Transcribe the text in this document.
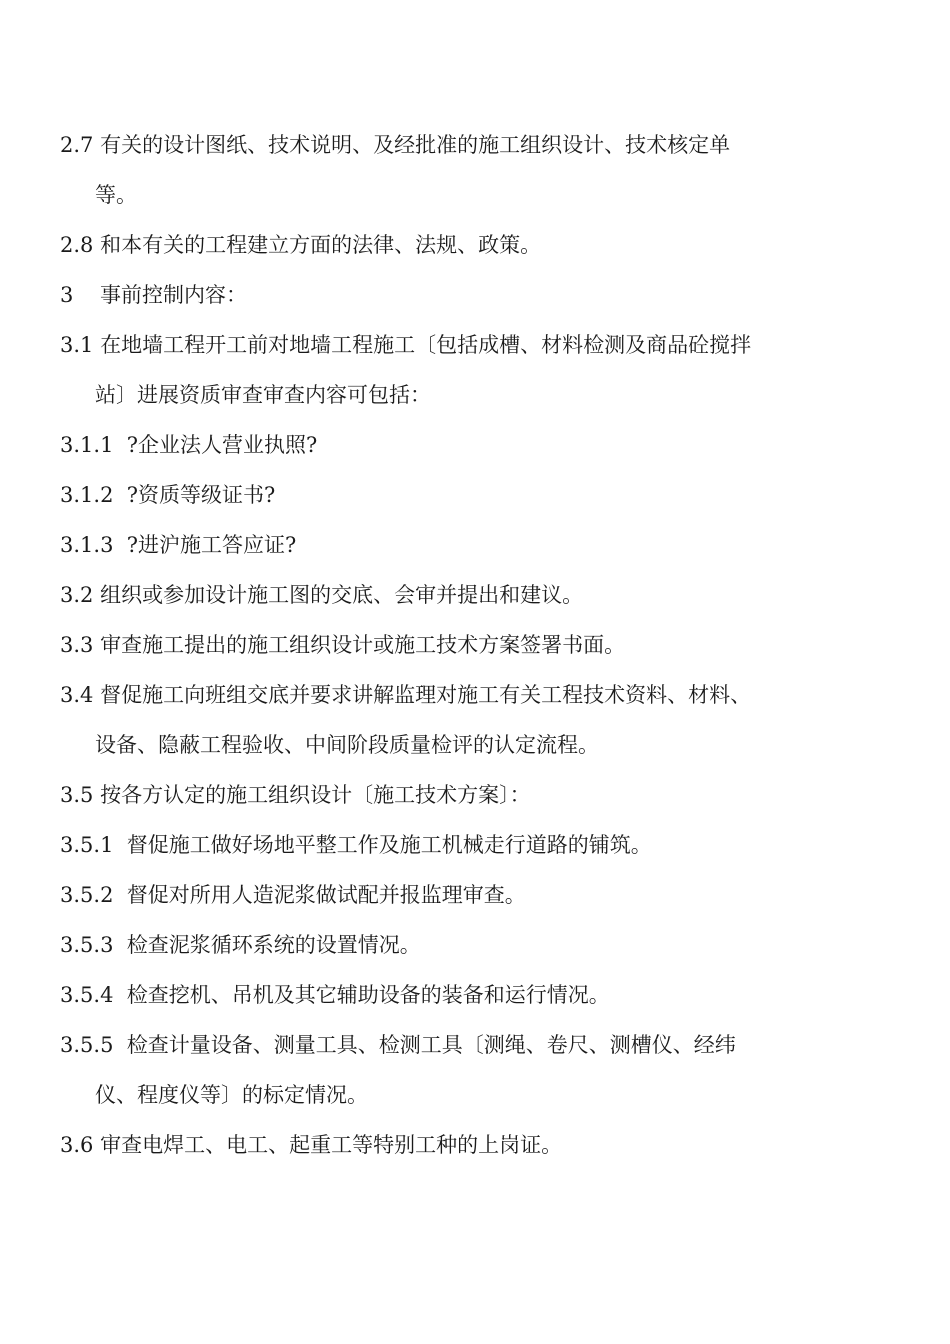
2.7 有关的设计图纸、技术说明、及经批准的施工组织设计、技术核定单
等。
2.8 和本有关的工程建立方面的法律、法规、政策。
3    事前控制内容：
3.1 在地墙工程开工前对地墙工程施工〔包括成槽、材料检测及商品砼搅拌
站〕进展资质审查审查内容可包括：
3.1.1  ?企业法人营业执照?
3.1.2  ?资质等级证书?
3.1.3  ?进沪施工答应证?
3.2 组织或参加设计施工图的交底、会审并提出和建议。
3.3 审查施工提出的施工组织设计或施工技术方案签署书面。
3.4 督促施工向班组交底并要求讲解监理对施工有关工程技术资料、材料、
设备、隐蔽工程验收、中间阶段质量检评的认定流程。
3.5 按各方认定的施工组织设计〔施工技术方案〕：
3.5.1  督促施工做好场地平整工作及施工机械走行道路的铺筑。
3.5.2  督促对所用人造泥浆做试配并报监理审查。
3.5.3  检查泥浆循环系统的设置情况。
3.5.4  检查挖机、吊机及其它辅助设备的装备和运行情况。
3.5.5  检查计量设备、测量工具、检测工具〔测绳、卷尺、测槽仪、经纬
仪、程度仪等〕的标定情况。
3.6 审查电焊工、电工、起重工等特别工种的上岗证。
